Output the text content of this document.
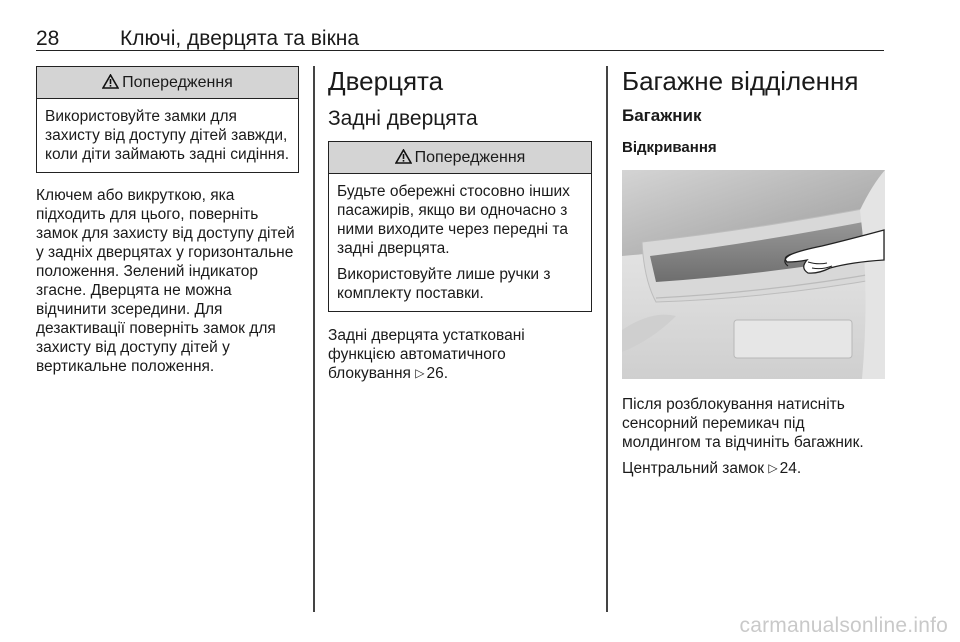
28	Ключі, дверцята та вікна
Попередження

Використовуйте замки для захисту від доступу дітей завжди, коли діти займають задні сидіння.

Ключем або викруткою, яка підходить для цього, поверніть замок для захисту від доступу дітей у задніх дверцятах у горизонтальне положення. Зелений індикатор згасне. Дверцята не можна відчинити зсередини. Для дезактивації поверніть замок для захисту від доступу дітей у вертикальне положення.

Дверцята
Задні дверцята
Попередження

Будьте обережні стосовно інших пасажирів, якщо ви одночасно з ними виходите через передні та задні дверцята.

Використовуйте лише ручки з комплекту поставки.

Задні дверцята устатковані функцією автоматичного блокування ▷ 26.

Багажне відділення
Багажник
Відкривання

Після розблокування натисніть сенсорний перемикач під молдингом та відчиніть багажник.

Центральний замок ▷ 24.

carmanualsonline.info
